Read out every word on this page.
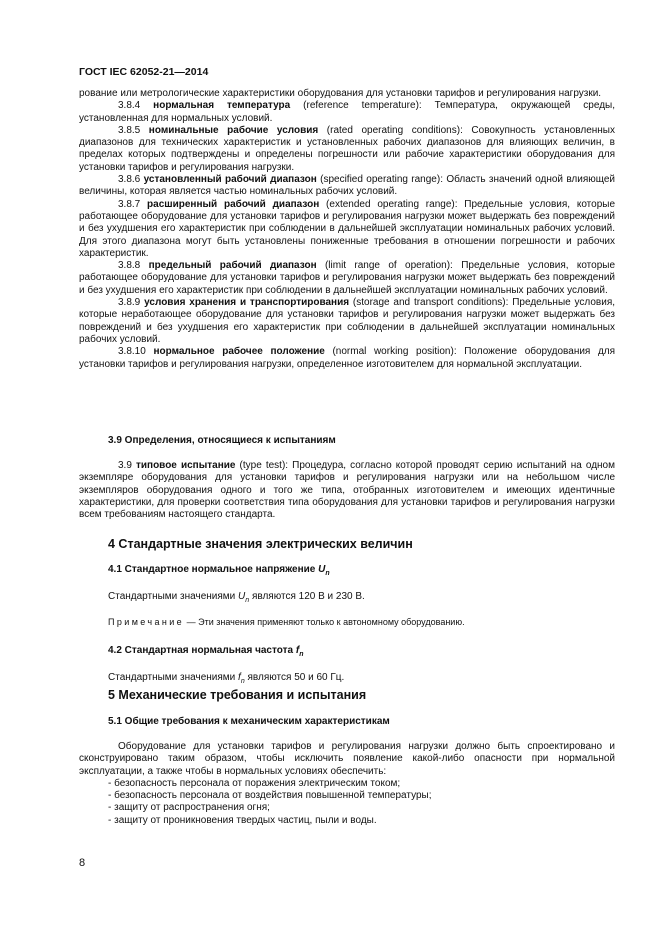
ГОСТ IEC 62052-21—2014

рование или метрологические характеристики оборудования для установки тарифов и регулирования нагрузки.

3.8.4 нормальная температура (reference temperature): Температура, окружающей среды, установленная для нормальных условий.

3.8.5 номинальные рабочие условия (rated operating conditions): Совокупность установленных диапазонов для технических характеристик и установленных рабочих диапазонов для влияющих величин, в пределах которых подтверждены и определены погрешности или рабочие характеристики оборудования для установки тарифов и регулирования нагрузки.

3.8.6 установленный рабочий диапазон (specified operating range): Область значений одной влияющей величины, которая является частью номинальных рабочих условий.

3.8.7 расширенный рабочий диапазон (extended operating range): Предельные условия, которые работающее оборудование для установки тарифов и регулирования нагрузки может выдержать без повреждений и без ухудшения его характеристик при соблюдении в дальнейшей эксплуатации номинальных рабочих условий. Для этого диапазона могут быть установлены пониженные требования в отношении погрешности и рабочих характеристик.

3.8.8 предельный рабочий диапазон (limit range of operation): Предельные условия, которые работающее оборудование для установки тарифов и регулирования нагрузки может выдержать без повреждений и без ухудшения его характеристик при соблюдении в дальнейшей эксплуатации номинальных рабочих условий.

3.8.9 условия хранения и транспортирования (storage and transport conditions): Предельные условия, которые неработающее оборудование для установки тарифов и регулирования нагрузки может выдержать без повреждений и без ухудшения его характеристик при соблюдении в дальнейшей эксплуатации номинальных рабочих условий.

3.8.10 нормальное рабочее положение (normal working position): Положение оборудования для установки тарифов и регулирования нагрузки, определенное изготовителем для нормальной эксплуатации.

3.9 Определения, относящиеся к испытаниям

3.9 типовое испытание (type test): Процедура, согласно которой проводят серию испытаний на одном экземпляре оборудования для установки тарифов и регулирования нагрузки или на небольшом числе экземпляров оборудования одного и того же типа, отобранных изготовителем и имеющих идентичные характеристики, для проверки соответствия типа оборудования для установки тарифов и регулирования нагрузки всем требованиям настоящего стандарта.

4 Стандартные значения электрических величин

4.1 Стандартное нормальное напряжение $U_n$

Стандартными значениями $U_n$ являются 120 В и 230 В.

Примечание — Эти значения применяют только к автономному оборудованию.

4.2 Стандартная нормальная частота $f_n$

Стандартными значениями $f_n$ являются 50 и 60 Гц.

5 Механические требования и испытания

5.1 Общие требования к механическим характеристикам

Оборудование для установки тарифов и регулирования нагрузки должно быть спроектировано и сконструировано таким образом, чтобы исключить появление какой-либо опасности при нормальной эксплуатации, а также чтобы в нормальных условиях обеспечить:

- безопасность персонала от поражения электрическим током;

- безопасность персонала от воздействия повышенной температуры;

- защиту от распространения огня;

- защиту от проникновения твердых частиц, пыли и воды.

8
